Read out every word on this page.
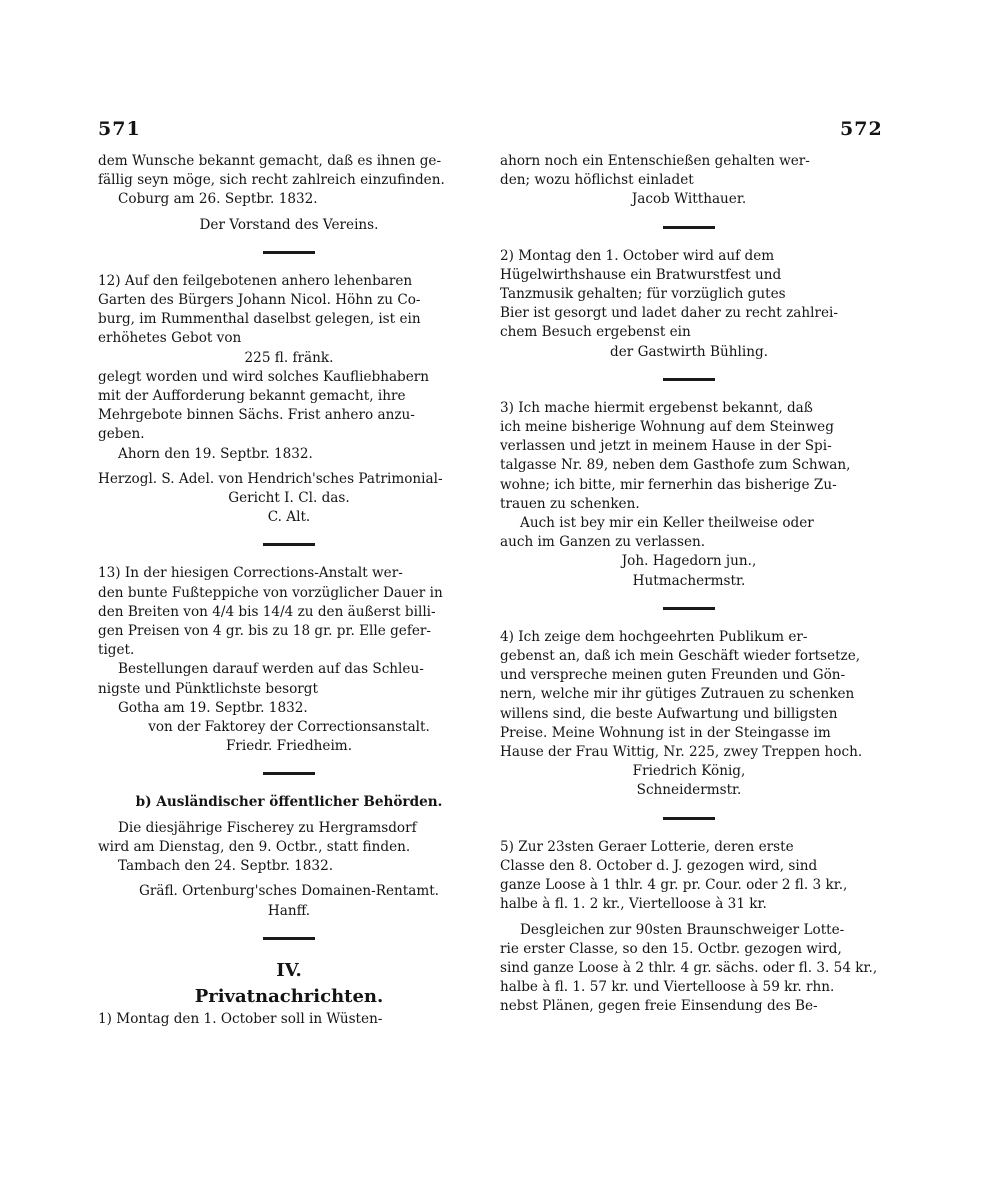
571	572
dem Wunsche bekannt gemacht, daß es ihnen ge-
fällig seyn möge, sich recht zahlreich einzufinden.
Coburg am 26. Septbr. 1832.
Der Vorstand des Vereins.
12) Auf den feilgebotenen anhero lehenbaren
Garten des Bürgers Johann Nicol. Höhn zu Co-
burg, im Rummenthal daselbst gelegen, ist ein
erhöhetes Gebot von
225 fl. fränk.
gelegt worden und wird solches Kaufliebhabern
mit der Aufforderung bekannt gemacht, ihre
Mehrgebote binnen Sächs. Frist anhero anzu-
geben.
Ahorn den 19. Septbr. 1832.
Herzogl. S. Adel. von Hendrich'sches Patrimonial-
Gericht I. Cl. das.
C. Alt.
13) In der hiesigen Corrections-Anstalt wer-
den bunte Fußteppiche von vorzüglicher Dauer in
den Breiten von 4/4 bis 14/4 zu den äußerst billi-
gen Preisen von 4 gr. bis zu 18 gr. pr. Elle gefer-
tiget.
Bestellungen darauf werden auf das Schleu-
nigste und Pünktlichste besorgt
Gotha am 19. Septbr. 1832.
von der Faktorey der Correctionsanstalt.
Friedr. Friedheim.
b) Ausländischer öffentlicher Behörden.
Die diesjährige Fischerey zu Hergramsdorf
wird am Dienstag, den 9. Octbr., statt finden.
Tambach den 24. Septbr. 1832.
Gräfl. Ortenburg'sches Domainen-Rentamt.
Hanff.
IV.
Privatnachrichten.
1) Montag den 1. October soll in Wüsten-
ahorn noch ein Entenschießen gehalten wer-
den; wozu höflichst einladet
Jacob Witthauer.
2) Montag den 1. October wird auf dem
Hügelwirthshause ein Bratwurstfest und
Tanzmusik gehalten; für vorzüglich gutes
Bier ist gesorgt und ladet daher zu recht zahlrei-
chem Besuch ergebenst ein
der Gastwirth Bühling.
3) Ich mache hiermit ergebenst bekannt, daß
ich meine bisherige Wohnung auf dem Steinweg
verlassen und jetzt in meinem Hause in der Spi-
talgasse Nr. 89, neben dem Gasthofe zum Schwan,
wohne; ich bitte, mir fernerhin das bisherige Zu-
trauen zu schenken.
Auch ist bey mir ein Keller theilweise oder
auch im Ganzen zu verlassen.
Joh. Hagedorn jun.,
Hutmachermstr.
4) Ich zeige dem hochgeehrten Publikum er-
gebenst an, daß ich mein Geschäft wieder fortsetze,
und verspreche meinen guten Freunden und Gön-
nern, welche mir ihr gütiges Zutrauen zu schenken
willens sind, die beste Aufwartung und billigsten
Preise. Meine Wohnung ist in der Steingasse im
Hause der Frau Wittig, Nr. 225, zwey Treppen hoch.
Friedrich König,
Schneidermstr.
5) Zur 23sten Geraer Lotterie, deren erste
Classe den 8. October d. J. gezogen wird, sind
ganze Loose à 1 thlr. 4 gr. pr. Cour. oder 2 fl. 3 kr.,
halbe à fl. 1. 2 kr., Viertelloose à 31 kr.
Desgleichen zur 90sten Braunschweiger Lotte-
rie erster Classe, so den 15. Octbr. gezogen wird,
sind ganze Loose à 2 thlr. 4 gr. sächs. oder fl. 3. 54 kr.,
halbe à fl. 1. 57 kr. und Viertelloose à 59 kr. rhn.
nebst Plänen, gegen freie Einsendung des Be-
